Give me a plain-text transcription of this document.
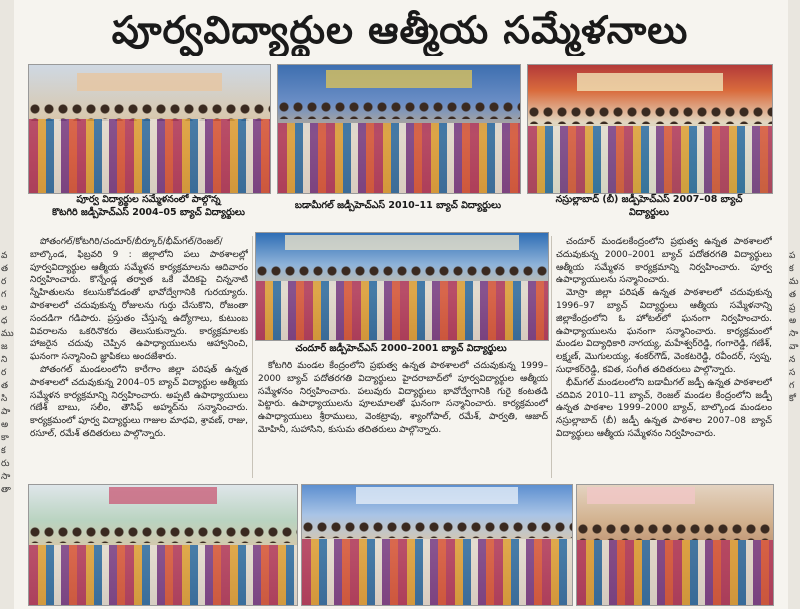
వ
త
ర
గ
ల
ధ
ము
జ
ని
ర
త
సి
పా
అ
కా
క
రు
సా
తా
ప
క
మ
త
ప్ర
అ
సా
వా
న
స
గ
కో
పూర్వవిద్యార్థుల ఆత్మీయ సమ్మేళనాలు
పూర్వ విద్యార్థుల సమ్మేళనంలో పాల్గొన్న
కొటగిరి జడ్పీహెచ్‌ఎస్ 2004–05 బ్యాచ్ విద్యార్థులు
బడామీగల్ జడ్పీహెచ్‌ఎస్ 2010–11 బ్యాచ్ విద్యార్థులు
నస్రుల్లాబాద్ (బీ) జడ్పీహెచ్‌ఎస్ 2007–08 బ్యాచ్
విద్యార్థులు
చందూర్ జడ్పీహెచ్‌ఎస్ 2000–2001 బ్యాచ్ విద్యార్థులు

పోతంగల్/కోటగిరి/చందూర్/బీర్కూర్/భీమ్‌గల్/రెంజల్/బాల్కొండ, ఫిబ్రవరి 9 : జిల్లాలోని పలు పాఠశాలల్లో పూర్వవిద్యార్థుల ఆత్మీయ సమ్మేళన కార్యక్రమాలను ఆదివారం నిర్వహించారు. కొన్నేండ్ల తర్వాత ఒకే వేదికపై చిన్ననాటి స్నేహితులను కలుసుకోవడంతో భావోద్వేగానికి గురయ్యారు. పాఠశాలలో చదువుకున్న రోజులను గుర్తు చేసుకొని, రోజంతా సందడిగా గడిపారు. ప్రస్తుతం చేస్తున్న ఉద్యోగాలు, కుటుంబ వివరాలను ఒకరినొకరు తెలుసుకున్నారు. కార్యక్రమాలకు హాజరైన చదువు చెప్పిన ఉపాధ్యాయులను ఆహ్వానించి, ఘనంగా సన్మానించి జ్ఞాపికలు అందజేశారు.

పోతంగల్ మండలంలోని కారేగాం జిల్లా పరిషత్ ఉన్నత పాఠశాలలో చదువుకున్న 2004–05 బ్యాచ్ విద్యార్థుల ఆత్మీయ సమ్మేళన కార్యక్రమాన్ని నిర్వహించారు. అప్పటి ఉపాధ్యాయులు గణేశ్ బాబు, సలీం, తౌసిఫ్ అహ్మద్‌ను సన్మానించారు. కార్యక్రమంలో పూర్వ విద్యార్థులు గాజుల మాధవి, శ్రావణ్, రాజు, రసూల్, రమేశ్ తదితరులు పాల్గొన్నారు.

కోటగిరి మండల కేంద్రంలోని ప్రభుత్వ ఉన్నత పాఠశాలలో చదువుకున్న 1999–2000 బ్యాచ్ పదోతరగతి విద్యార్థులు హైదరాబాద్‌లో పూర్వవిద్యార్థుల ఆత్మీయ సమ్మేళనం నిర్వహించారు. పలువురు విద్యార్థులు భావోద్వేగానికి గురై కంటతడి పెట్టారు. ఉపాధ్యాయులను పూలమాలతో ఘనంగా సన్మానించారు. కార్యక్రమంలో ఉపాధ్యాయులు శ్రీరాములు, వెంకట్రావు, శ్యాంగోపాల్, రమేశ్, పార్వతి, ఆజాద్ మోహినీ, సుహాసిని, కుసుమ తదితరులు పాల్గొన్నారు.

చందూర్ మండలకేంద్రంలోని ప్రభుత్వ ఉన్నత పాఠశాలలో చదువుకున్న 2000–2001 బ్యాచ్ పదోతరగతి విద్యార్థులు ఆత్మీయ సమ్మేళన కార్యక్రమాన్ని నిర్వహించారు. పూర్వ ఉపాధ్యాయులను సన్మానించారు.

మోస్రా జిల్లా పరిషత్ ఉన్నత పాఠశాలలో చదువుకున్న 1996–97 బ్యాచ్ విద్యార్థులు ఆత్మీయ సమ్మేళనాన్ని జిల్లాకేంద్రంలోని ఓ హోటల్‌లో ఘనంగా నిర్వహించారు. ఉపాధ్యాయులను ఘనంగా సన్మానించారు. కార్యక్రమంలో మండల విద్యాధికారి నాగయ్య, మహేశ్వర్‌రెడ్డి, గంగారెడ్డి, గణేశ్, లక్ష్మణ్, మొగులయ్య, శంకర్‌గౌడ్, వెంకటరెడ్డి, రవీందర్, స్వప్న, సుధాకర్‌రెడ్డి, కవిత, సంగీత తదితరులు పాల్గొన్నారు.

భీమ్‌గల్ మండలంలోని బడామీగల్ జడ్పీ ఉన్నత పాఠశాలలో చదివిన 2010–11 బ్యాచ్, రెంజల్ మండల కేంద్రంలోని జడ్పీ ఉన్నత పాఠశాల 1999–2000 బ్యాచ్, బాల్కొండ మండలం నస్రుల్లాబాద్ (బీ) జడ్పీ ఉన్నత పాఠశాల 2007–08 బ్యాచ్ విద్యార్థులు ఆత్మీయ సమ్మేళనం నిర్వహించారు.
